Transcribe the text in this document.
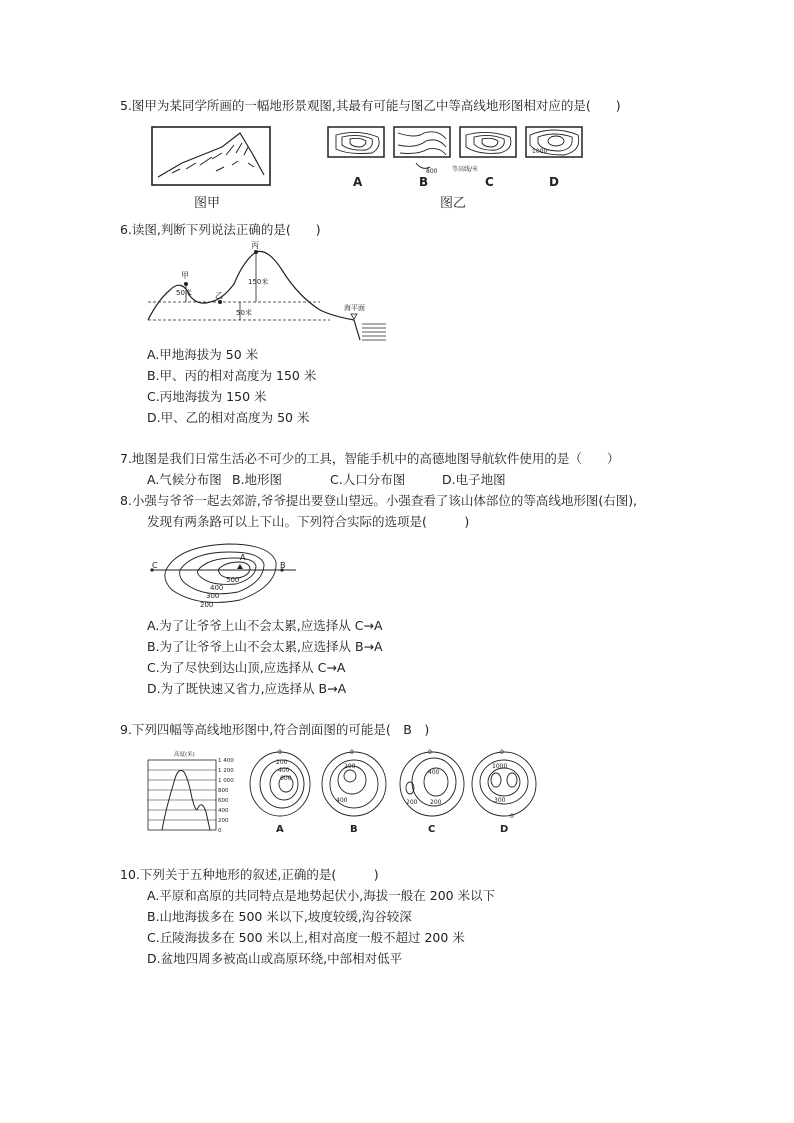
5.图甲为某同学所画的一幅地形景观图,其最有可能与图乙中等高线地形图相对应的是(　　)
图甲
1000
800 等高线/米
A	B	C	D
图乙
6.读图,判断下列说法正确的是(　　)
甲
乙
丙
50米
150米
50米
海平面
A.甲地海拔为 50 米
B.甲、丙的相对高度为 150 米
C.丙地海拔为 150 米
D.甲、乙的相对高度为 50 米
7.地图是我们日常生活必不可少的工具，智能手机中的高德地图导航软件使用的是（　　）
A.气候分布图 B.地形图	C.人口分布图	D.电子地图
8.小强与爷爷一起去郊游,爷爷提出要登山望远。小强查看了该山体部位的等高线地形图(右图),
发现有两条路可以上下山。下列符合实际的选项是(　　　)
C
A
B
500
400
300
200
A.为了让爷爷上山不会太累,应选择从 C→A
B.为了让爷爷上山不会太累,应选择从 B→A
C.为了尽快到达山顶,应选择从 C→A
D.为了既快速又省力,应选择从 B→A
9.下列四幅等高线地形图中,符合剖面图的可能是(　B　)
高度(米)
1 400
1 200
1 000
800
600
400
200
0
0
200
400
600
A
0
200
400
B
0
400
200 200
C
0
1000
300
0
D
10.下列关于五种地形的叙述,正确的是(　　　)
A.平原和高原的共同特点是地势起伏小,海拔一般在 200 米以下
B.山地海拔多在 500 米以下,坡度较缓,沟谷较深
C.丘陵海拔多在 500 米以上,相对高度一般不超过 200 米
D.盆地四周多被高山或高原环绕,中部相对低平
